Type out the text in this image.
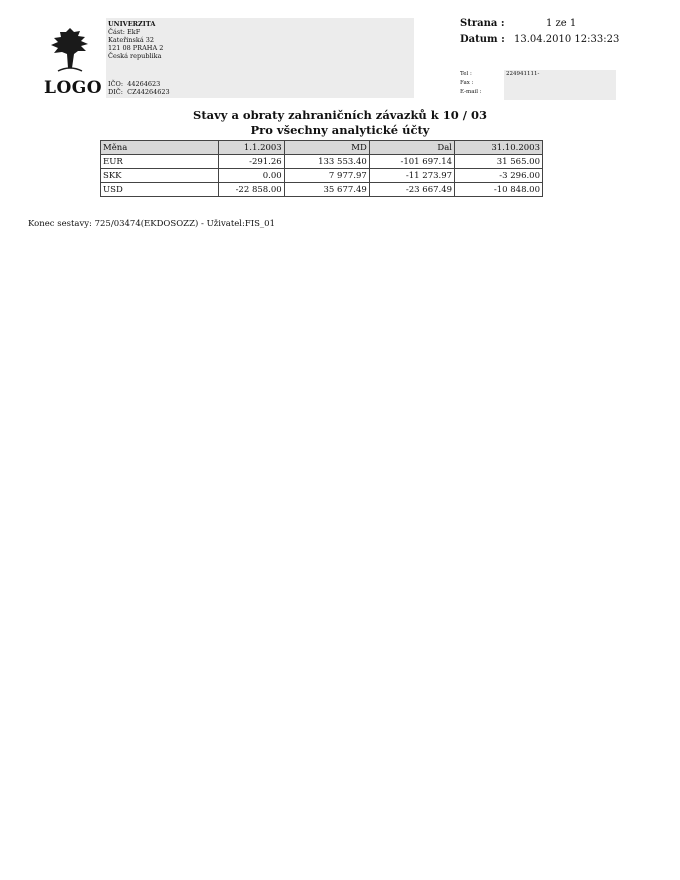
LOGO
UNIVERZITA
Část: EkF
Kateřinská 32
121 08 PRAHA 2
Česká republika
IČO: 44264623
DIČ: CZ44264623
Strana :	1 ze 1
Datum : 13.04.2010 12:33:23
Tel :
Fax :
E-mail :
224941111-
Stavy a obraty zahraničních závazků k 10 / 03
Pro všechny analytické účty
Měna	1.1.2003	MD	Dal	31.10.2003
EUR	-291.26	133 553.40	-101 697.14	31 565.00
SKK	0.00	7 977.97	-11 273.97	-3 296.00
USD	-22 858.00	35 677.49	-23 667.49	-10 848.00
Konec sestavy: 725/03474(EKDOSOZZ) - Uživatel:FIS_01
